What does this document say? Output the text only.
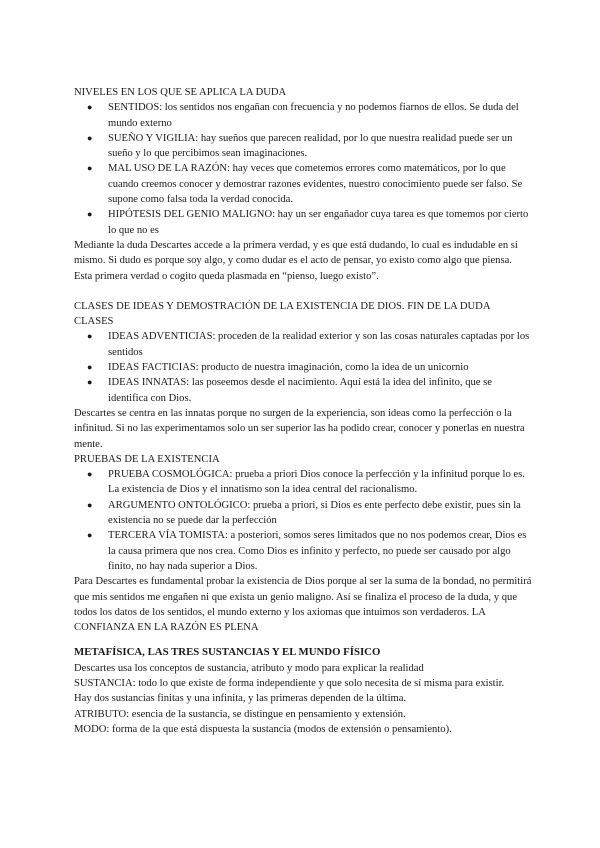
NIVELES EN LOS QUE SE APLICA LA DUDA
● SENTIDOS: los sentidos nos engañan con frecuencia y no podemos fiarnos de ellos. Se duda del mundo externo
● SUEÑO Y VIGILIA: hay sueños que parecen realidad, por lo que nuestra realidad puede ser un sueño y lo que percibimos sean imaginaciones.
● MAL USO DE LA RAZÓN: hay veces que cometemos errores como matemáticos, por lo que cuando creemos conocer y demostrar razones evidentes, nuestro conocimiento puede ser falso. Se supone como falsa toda la verdad conocida.
● HIPÓTESIS DEL GENIO MALIGNO: hay un ser engañador cuya tarea es que tomemos por cierto lo que no es

Mediante la duda Descartes accede a la primera verdad, y es que está dudando, lo cual es indudable en sí mismo. Si dudo es porque soy algo, y como dudar es el acto de pensar, yo existo como algo que piensa. Esta primera verdad o cogito queda plasmada en “pienso, luego existo”.

CLASES DE IDEAS Y DEMOSTRACIÓN DE LA EXISTENCIA DE DIOS. FIN DE LA DUDA
CLASES
● IDEAS ADVENTICIAS: proceden de la realidad exterior y son las cosas naturales captadas por los sentidos
● IDEAS FACTICIAS: producto de nuestra imaginación, como la idea de un unicornio
● IDEAS INNATAS: las poseemos desde el nacimiento. Aquí está la idea del infinito, que se identifica con Dios.

Descartes se centra en las innatas porque no surgen de la experiencia, son ideas como la perfección o la infinitud. Si no las experimentamos solo un ser superior las ha podido crear, conocer y ponerlas en nuestra mente.

PRUEBAS DE LA EXISTENCIA
● PRUEBA COSMOLÓGICA: prueba a priori Dios conoce la perfección y la infinitud porque lo es. La existencia de Dios y el innatismo son la idea central del racionalismo.
● ARGUMENTO ONTOLÓGICO: prueba a priori, si Dios es ente perfecto debe existir, pues sin la existencia no se puede dar la perfección
● TERCERA VÍA TOMISTA: a posteriori, somos seres limitados que no nos podemos crear, Dios es la causa primera que nos crea. Como Dios es infinito y perfecto, no puede ser causado por algo finito, no hay nada superior a Dios.

Para Descartes es fundamental probar la existencia de Dios porque al ser la suma de la bondad, no permitirá que mis sentidos me engañen ni que exista un genio maligno. Así se finaliza el proceso de la duda, y que todos los datos de los sentidos, el mundo externo y los axiomas que intuimos son verdaderos. LA CONFIANZA EN LA RAZÓN ES PLENA

METAFÍSICA, LAS TRES SUSTANCIAS Y EL MUNDO FÍSICO

Descartes usa los conceptos de sustancia, atributo y modo para explicar la realidad

SUSTANCIA: todo lo que existe de forma independiente y que solo necesita de sí misma para existir.

Hay dos sustancias finitas y una infinita, y las primeras dependen de la última.

ATRIBUTO: esencia de la sustancia, se distingue en pensamiento y extensión.

MODO: forma de la que está dispuesta la sustancia (modos de extensión o pensamiento).
